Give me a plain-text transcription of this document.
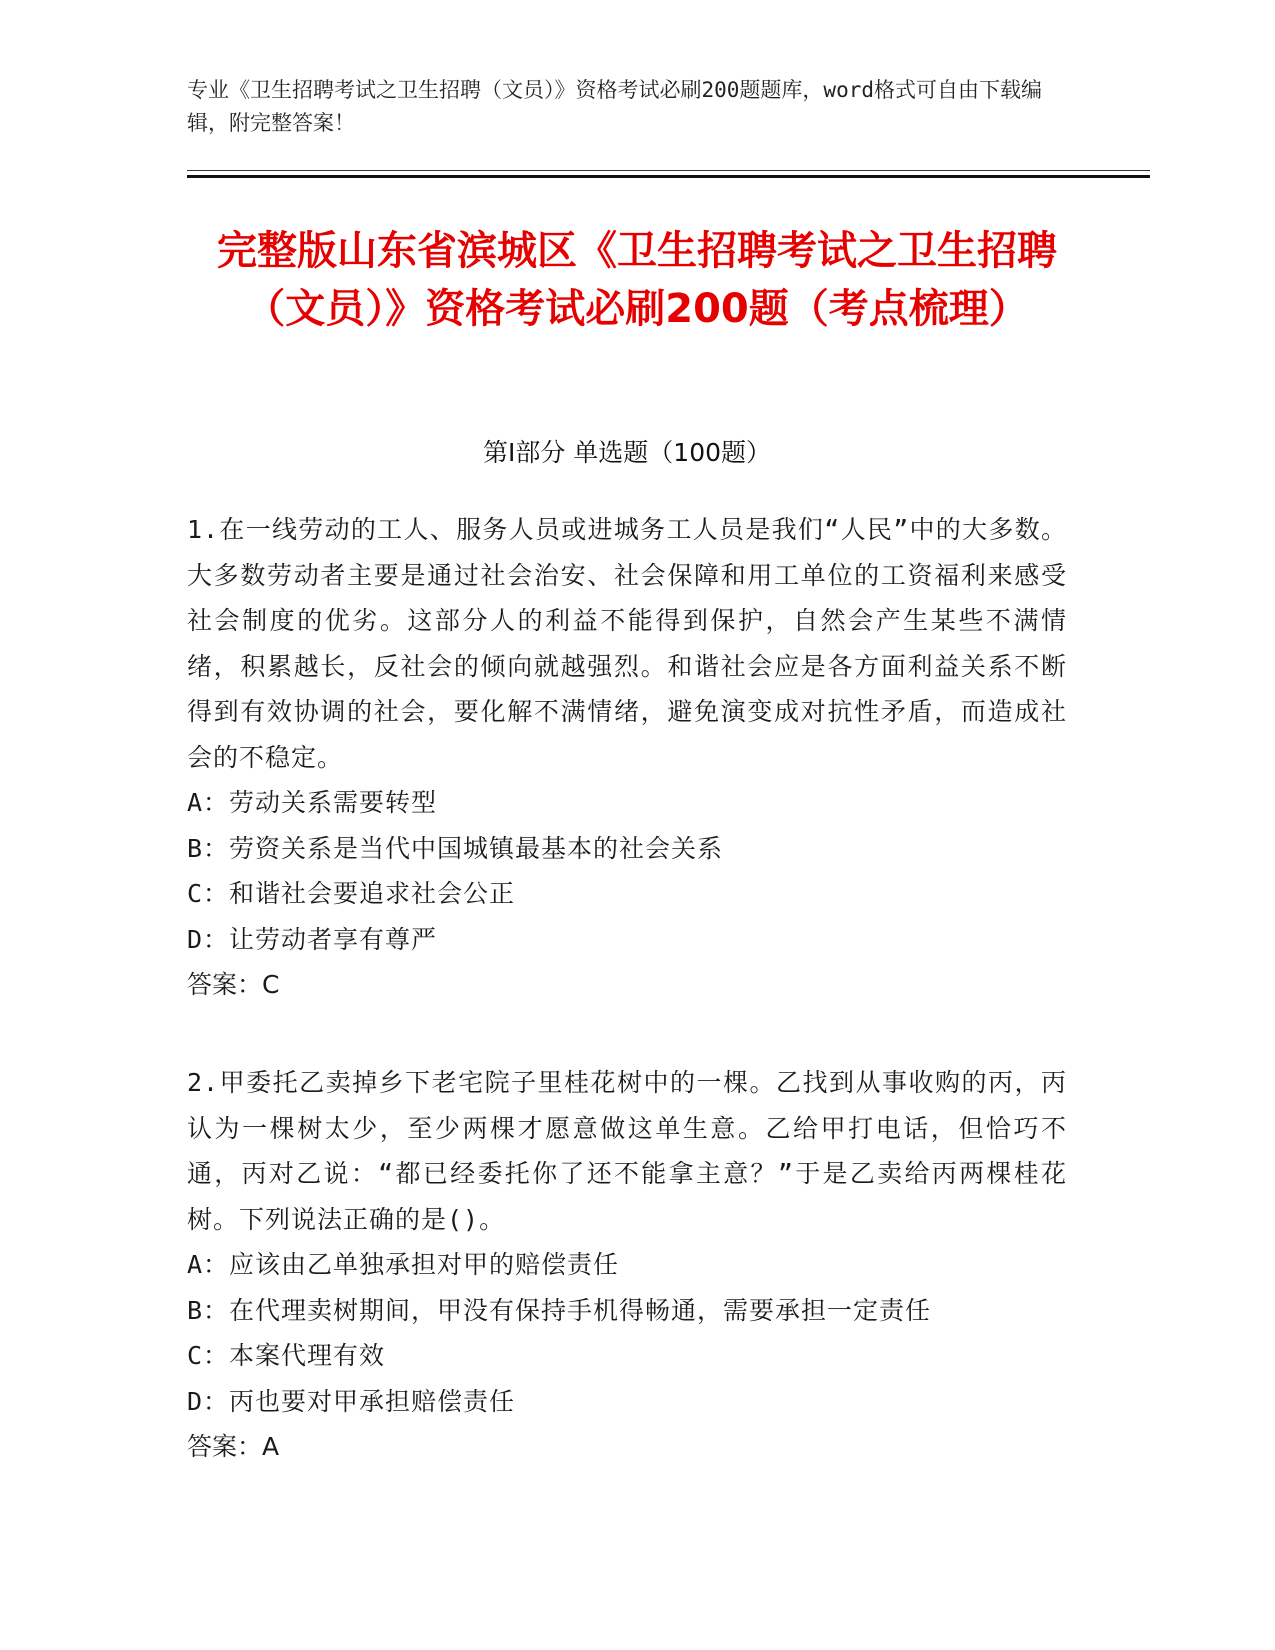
专业《卫生招聘考试之卫生招聘（文员）》资格考试必刷200题题库，word格式可自由下载编辑，附完整答案！
完整版山东省滨城区《卫生招聘考试之卫生招聘（文员）》资格考试必刷200题（考点梳理）
第I部分 单选题（100题）

1.在一线劳动的工人、服务人员或进城务工人员是我们“人民”中的大多数。大多数劳动者主要是通过社会治安、社会保障和用工单位的工资福利来感受社会制度的优劣。这部分人的利益不能得到保护，自然会产生某些不满情绪，积累越长，反社会的倾向就越强烈。和谐社会应是各方面利益关系不断得到有效协调的社会，要化解不满情绪，避免演变成对抗性矛盾，而造成社会的不稳定。

A：劳动关系需要转型

B：劳资关系是当代中国城镇最基本的社会关系

C：和谐社会要追求社会公正

D：让劳动者享有尊严

答案：C

2.甲委托乙卖掉乡下老宅院子里桂花树中的一棵。乙找到从事收购的丙，丙认为一棵树太少，至少两棵才愿意做这单生意。乙给甲打电话，但恰巧不通，丙对乙说：“都已经委托你了还不能拿主意？”于是乙卖给丙两棵桂花树。下列说法正确的是()。

A：应该由乙单独承担对甲的赔偿责任

B：在代理卖树期间，甲没有保持手机得畅通，需要承担一定责任

C：本案代理有效

D：丙也要对甲承担赔偿责任

答案：A
